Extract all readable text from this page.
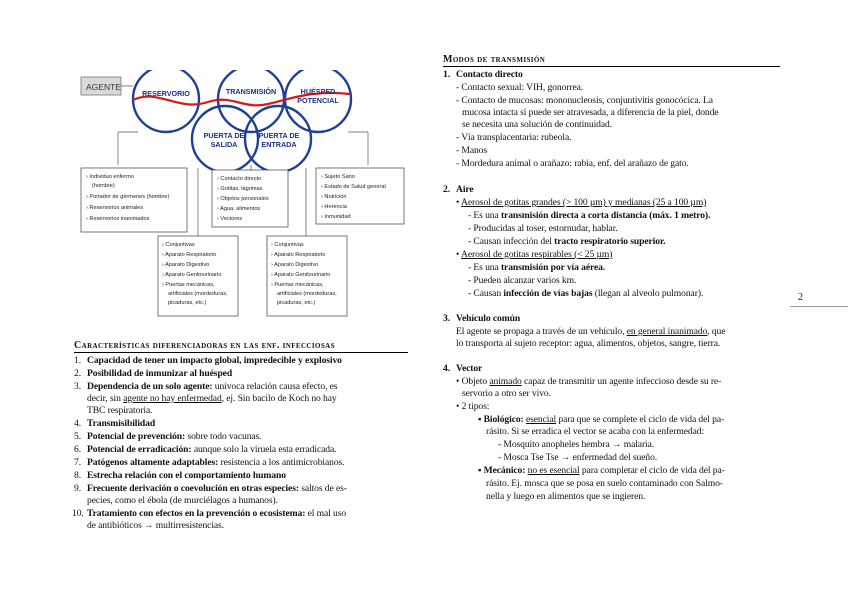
AGENTE
RESERVORIO	TRANSMISIÓN	HUÉSPED
POTENCIAL
PUERTA DE
SALIDA
PUERTA DE
ENTRADA
› Individuo enfermo
(hombre)
› Portador de gérmenes (hombre)
› Reservorios animales
› Reservorios inanimados
› Contacto directo
› Gotitas, lágrimas
› Objetos personales
› Agua, alimentos
› Vectores
› Sujeto Sano
› Estado de Salud general
› Nutrición
› Herencia
› Inmunidad
› Conjuntivas
› Aparato Respiratorio
› Aparato Digestivo
› Aparato Genitourinario
› Puertas mecánicas,
artificiales (mordeduras,
picaduras, etc.)
› Conjuntivas
› Aparato Respiratorio
› Aparato Digestivo
› Aparato Genitourinario
› Puertas mecánicas,
artificiales (mordeduras,
picaduras, etc.)
Características diferenciadoras en las enf. infecciosas
1. Capacidad de tener un impacto global, impredecible y explosivo
2. Posibilidad de inmunizar al huésped
3. Dependencia de un solo agente: unívoca relación causa efecto, es
decir, sin agente no hay enfermedad, ej. Sin bacilo de Koch no hay
TBC respiratoria.
4. Transmisibilidad
5. Potencial de prevención: sobre todo vacunas.
6. Potencial de erradicación: aunque solo la viruela esta erradicada.
7. Patógenos altamente adaptables: resistencia a los antimicrobianos.
8. Estrecha relación con el comportamiento humano
9. Frecuente derivación o coevolución en otras especies: saltos de es-
pecies, como el ébola (de murciélagos a humanos).
10. Tratamiento con efectos en la prevención o ecosistema: el mal uso
de antibióticos → multirresistencias.
Modos de transmisión
1. Contacto directo
- Contacto sexual: VIH, gonorrea.
- Contacto de mucosas: mononucleosis, conjuntivitis gonocócica. La
mucosa intacta sí puede ser atravesada, a diferencia de la piel, donde
se necesita una solución de continuidad.
- Vía transplacentaria: rubeola.
- Manos
- Mordedura animal o arañazo: rabia, enf. del arañazo de gato.
2. Aire
• Aerosol de gotitas grandes (> 100 µm) y medianas (25 a 100 µm)
- Es una transmisión directa a corta distancia (máx. 1 metro).
- Producidas al toser, estornudar, hablar.
- Causan infección del tracto respiratorio superior.
• Aerosol de gotitas respirables (< 25 µm)
- Es una transmisión por vía aérea.
- Pueden alcanzar varios km.
- Causan infección de vías bajas (llegan al alveolo pulmonar).
3. Vehículo común
El agente se propaga a través de un vehículo, en general inanimado, que
lo transporta al sujeto receptor: agua, alimentos, objetos, sangre, tierra.
4. Vector
• Objeto animado capaz de transmitir un agente infeccioso desde su re-
servorio a otro ser vivo.
• 2 tipos:
▪ Biológico: esencial para que se complete el ciclo de vida del pa-
rásito. Si se erradica el vector se acaba con la enfermedad:
- Mosquito anopheles hembra → malaria.
- Mosca Tse Tse → enfermedad del sueño.
▪ Mecánico: no es esencial para completar el ciclo de vida del pa-
rásito. Ej. mosca que se posa en suelo contaminado con Salmo-
nella y luego en alimentos que se ingieren.
2
